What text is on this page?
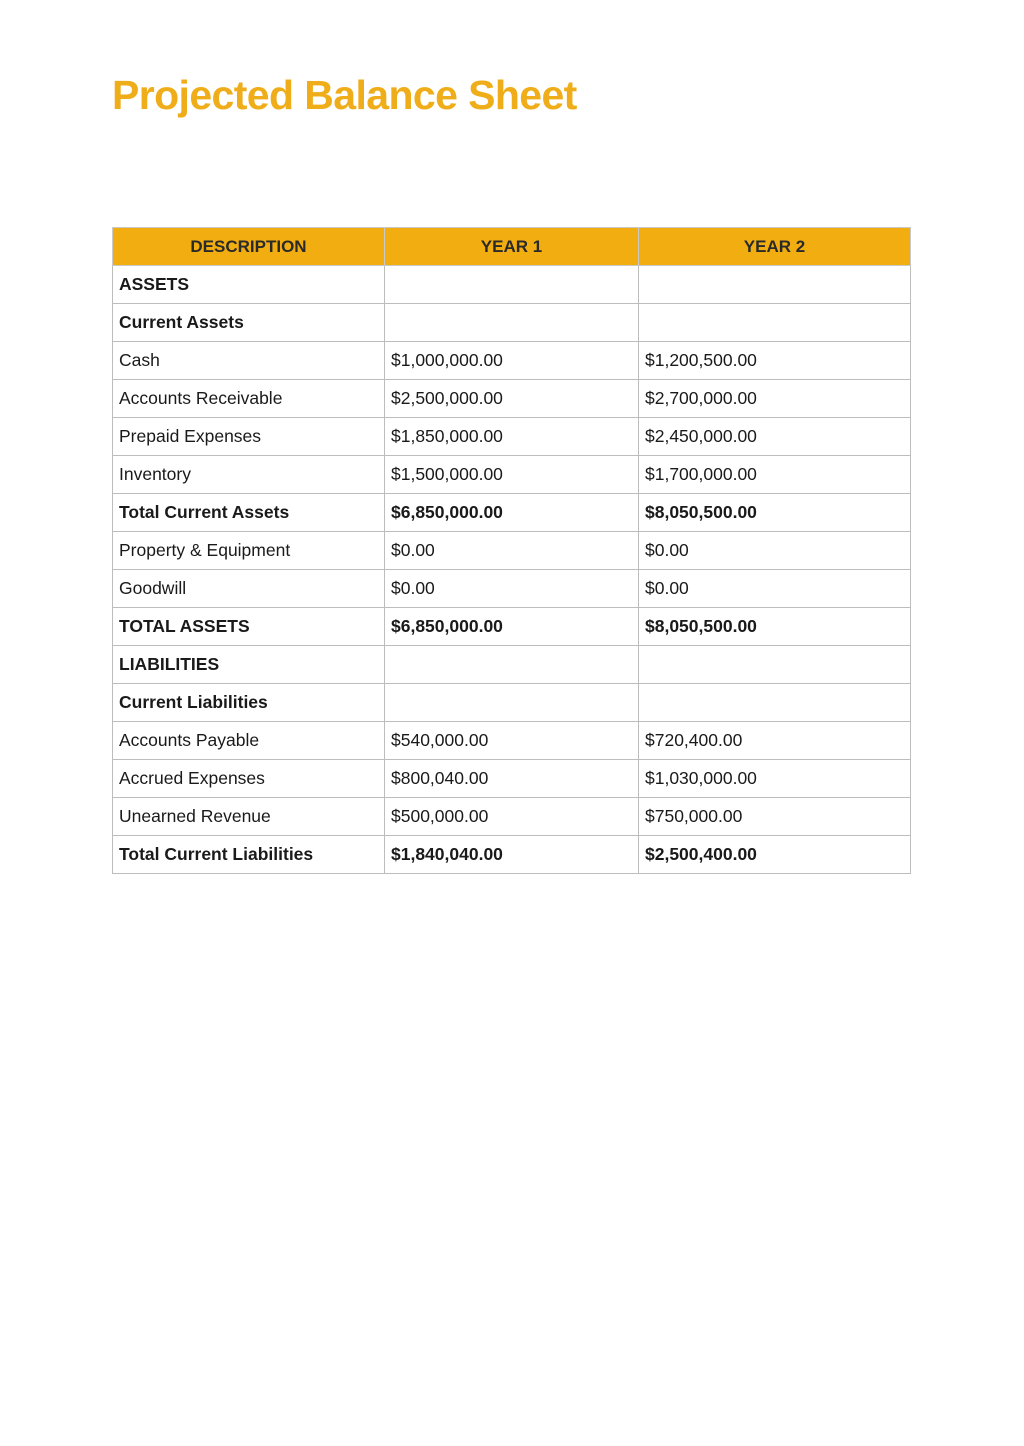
Projected Balance Sheet
DESCRIPTION	YEAR 1	YEAR 2
ASSETS		
Current Assets		
Cash	$1,000,000.00	$1,200,500.00
Accounts Receivable	$2,500,000.00	$2,700,000.00
Prepaid Expenses	$1,850,000.00	$2,450,000.00
Inventory	$1,500,000.00	$1,700,000.00
Total Current Assets	$6,850,000.00	$8,050,500.00
Property & Equipment	$0.00	$0.00
Goodwill	$0.00	$0.00
TOTAL ASSETS	$6,850,000.00	$8,050,500.00
LIABILITIES		
Current Liabilities		
Accounts Payable	$540,000.00	$720,400.00
Accrued Expenses	$800,040.00	$1,030,000.00
Unearned Revenue	$500,000.00	$750,000.00
Total Current Liabilities	$1,840,040.00	$2,500,400.00
